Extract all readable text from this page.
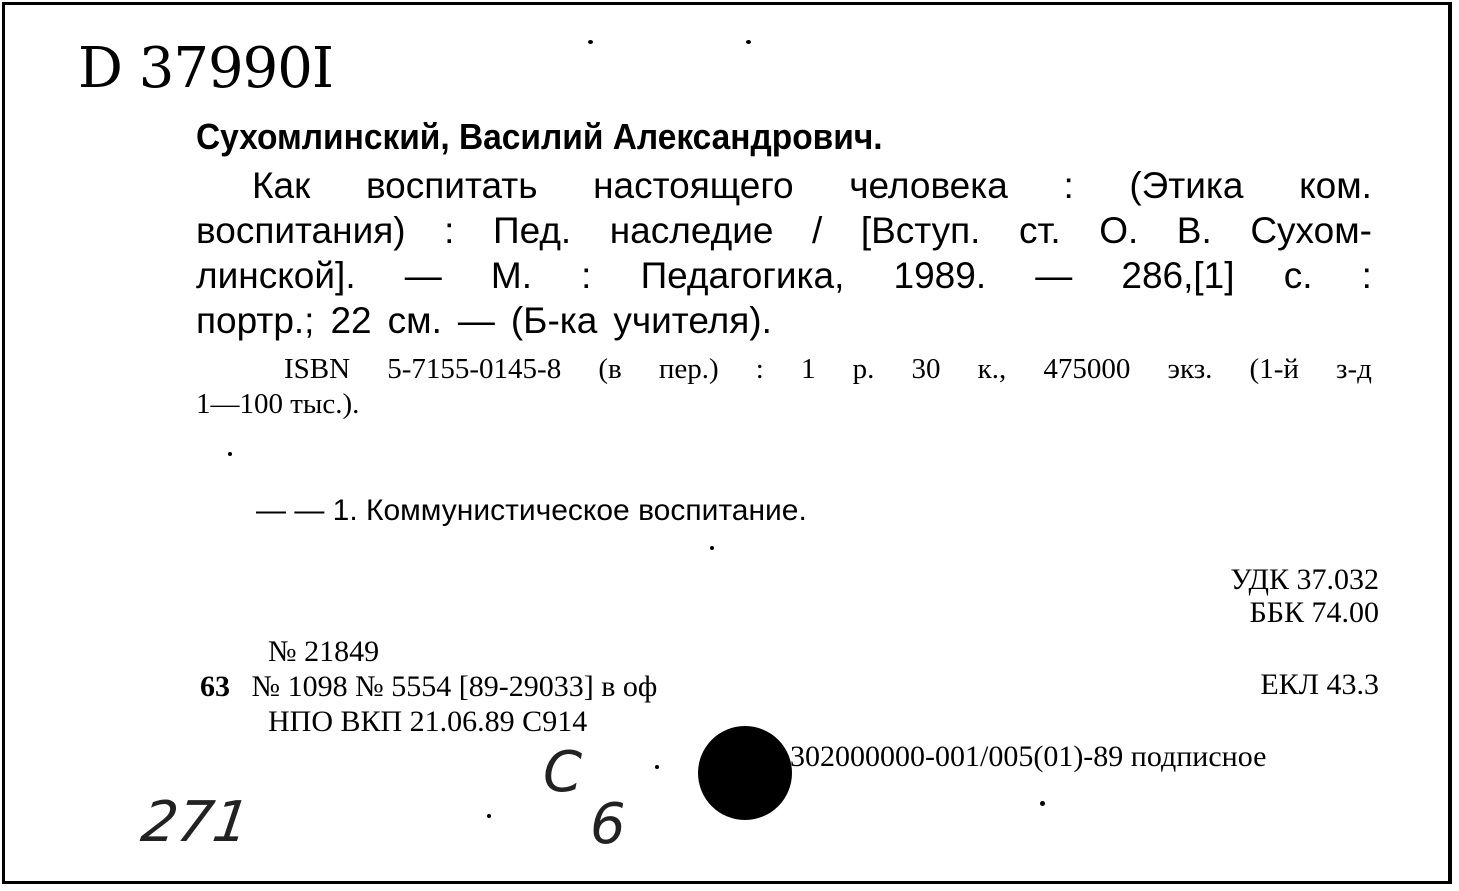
D 37990I
Сухомлинский, Василий Александрович.
Как воспитать настоящего человека : (Этика ком.
воспитания) : Пед. наследие / [Вступ. ст. О. В. Сухом-
линской]. — М. : Педагогика, 1989. — 286,[1] с. :
портр.; 22 см. — (Б-ка учителя).
ISBN 5-7155-0145-8 (в пер.) : 1 р. 30 к., 475000 экз. (1-й з-д
1—100 тыс.).
— — 1. Коммунистическое воспитание.
УДК 37.032
ББК 74.00
ЕКЛ 43.3
№ 21849
63 № 1098 № 5554 [89-29033] в оф
НПО ВКП 21.06.89 С914
302000000-001/005(01)-89 подписное
271
С
6
